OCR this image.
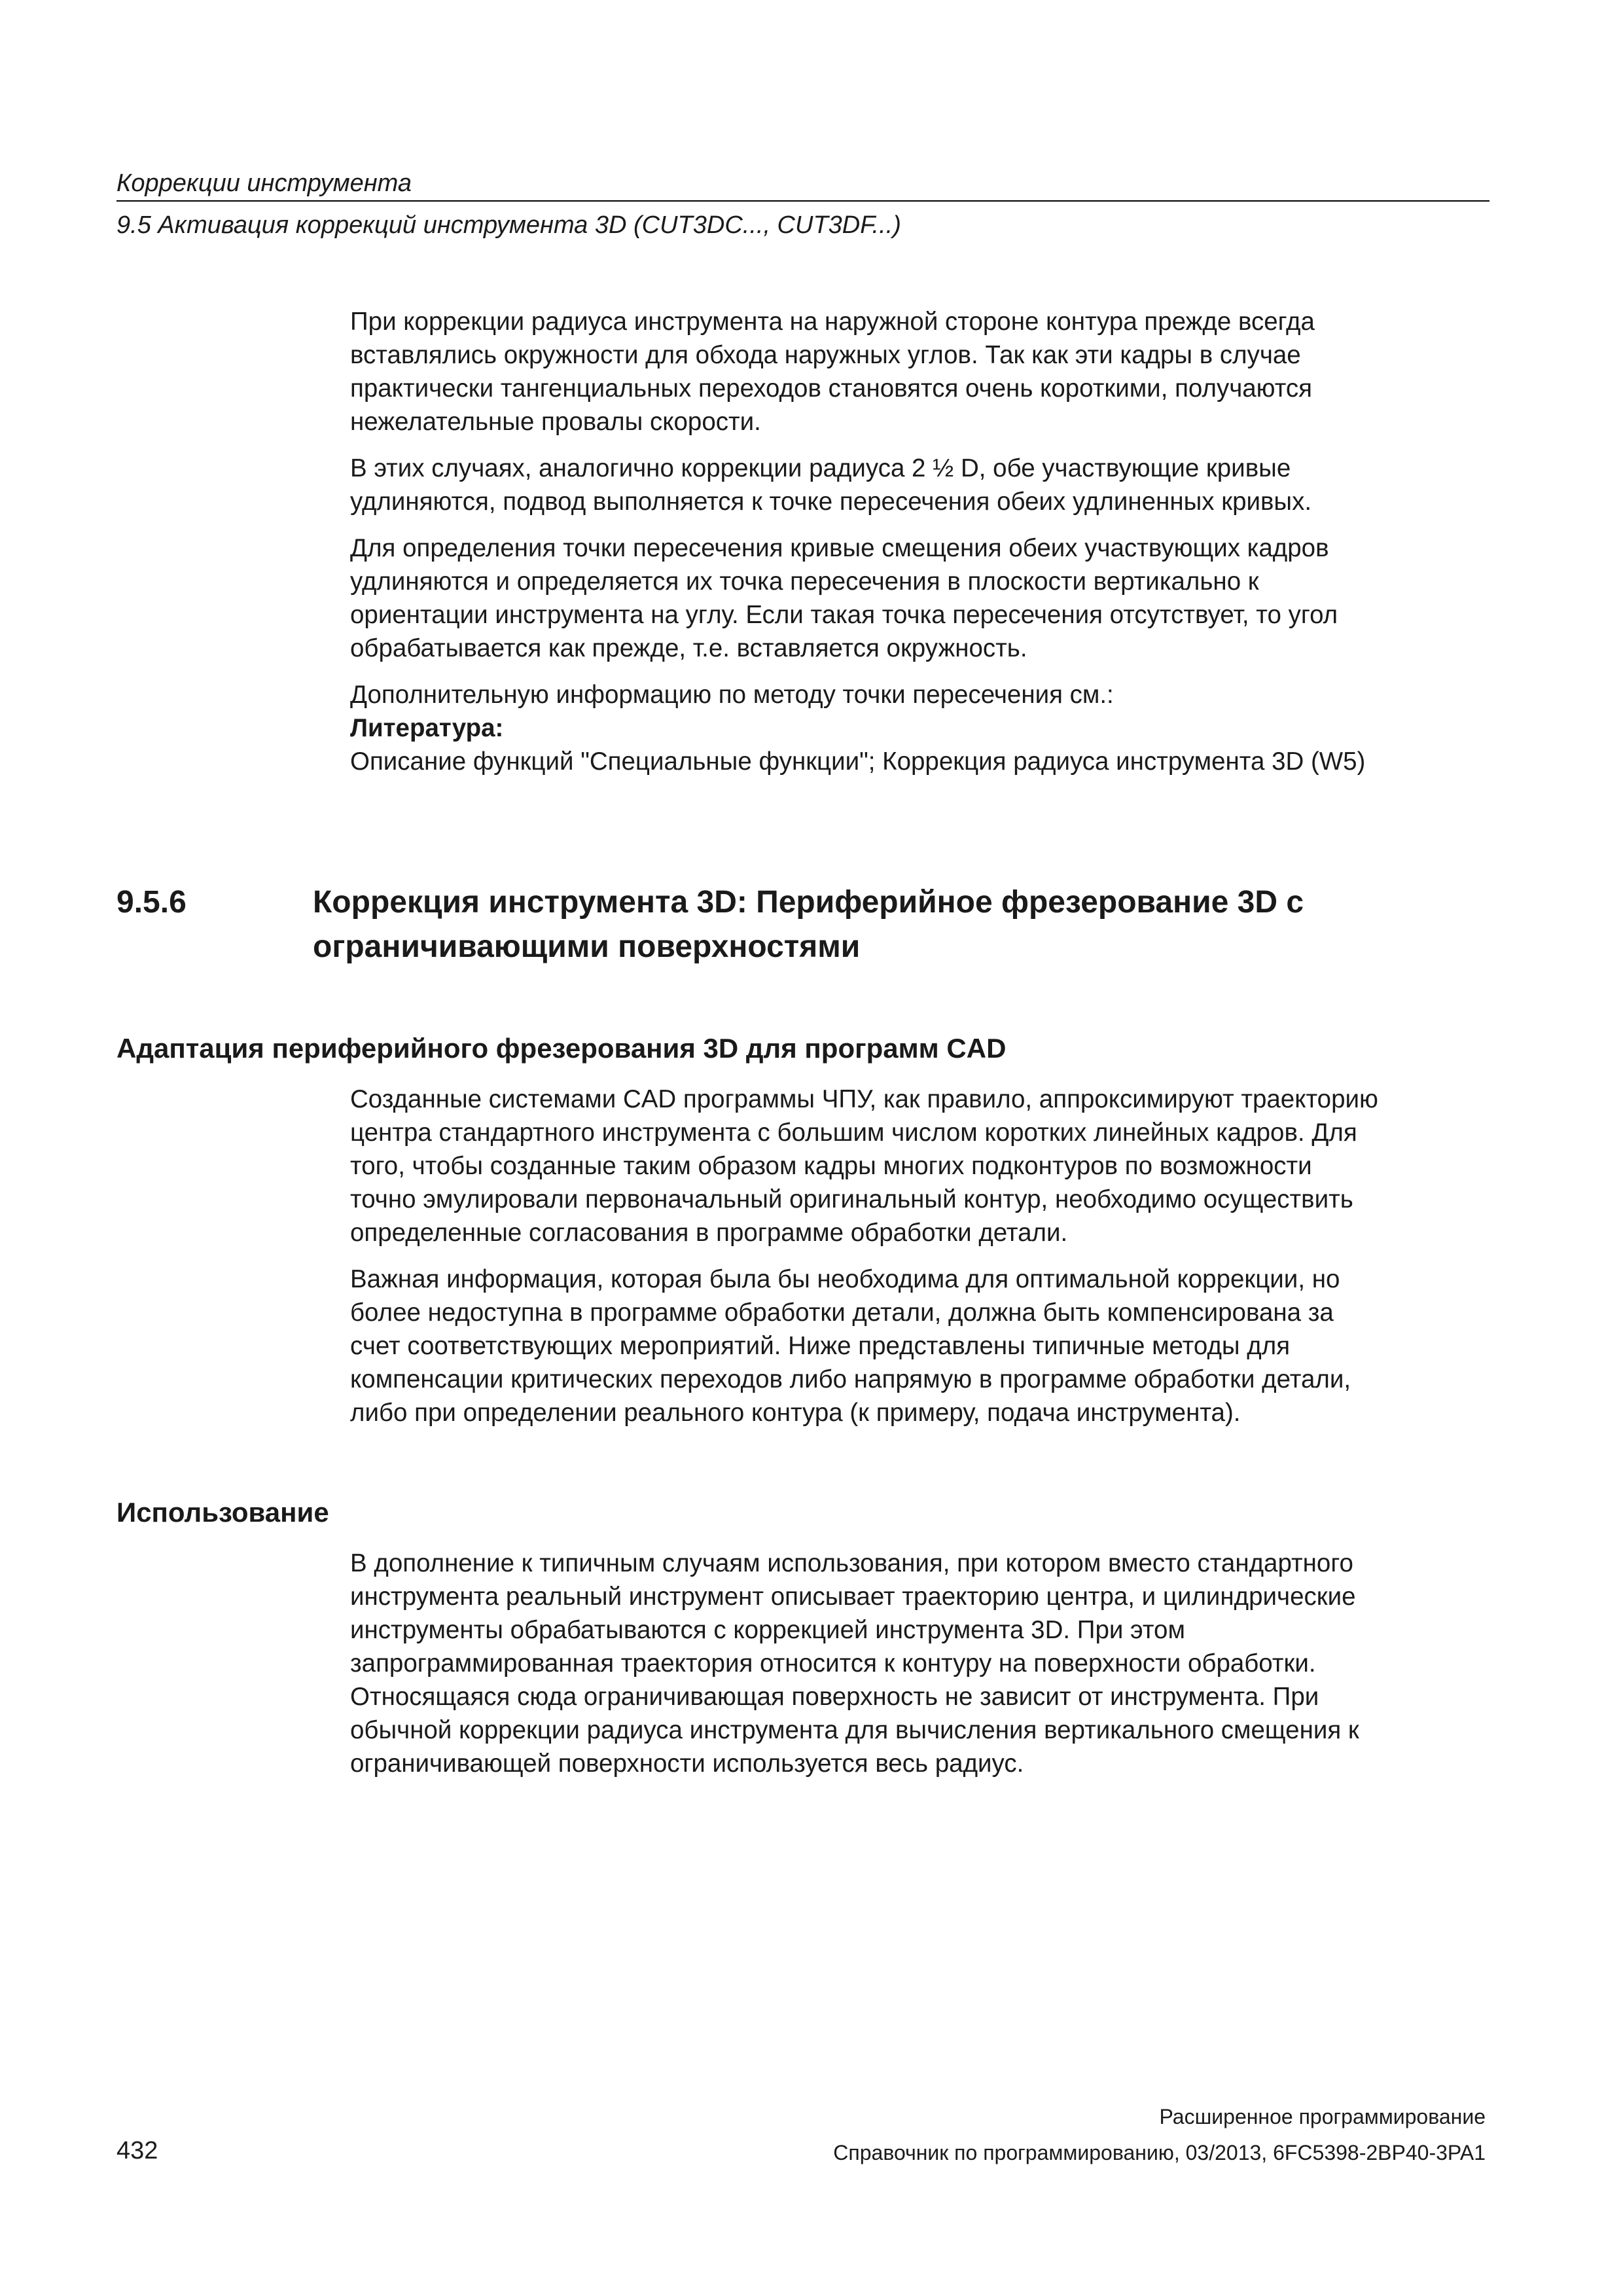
Коррекции инструмента
9.5 Активация коррекций инструмента 3D (CUT3DC..., CUT3DF...)

При коррекции радиуса инструмента на наружной стороне контура прежде всегда
вставлялись окружности для обхода наружных углов. Так как эти кадры в случае
практически тангенциальных переходов становятся очень короткими, получаются
нежелательные провалы скорости.

В этих случаях, аналогично коррекции радиуса 2 ½ D, обе участвующие кривые
удлиняются, подвод выполняется к точке пересечения обеих удлиненных кривых.

Для определения точки пересечения кривые смещения обеих участвующих кадров
удлиняются и определяется их точка пересечения в плоскости вертикально к
ориентации инструмента на углу. Если такая точка пересечения отсутствует, то угол
обрабатывается как прежде, т.е. вставляется окружность.

Дополнительную информацию по методу точки пересечения см.:

Литература:

Описание функций "Специальные функции"; Коррекция радиуса инструмента 3D (W5)

9.5.6	Коррекция инструмента 3D: Периферийное фрезерование 3D с
ограничивающими поверхностями
Адаптация периферийного фрезерования 3D для программ CAD

Созданные системами CAD программы ЧПУ, как правило, аппроксимируют траекторию
центра стандартного инструмента с большим числом коротких линейных кадров. Для
того, чтобы созданные таким образом кадры многих подконтуров по возможности
точно эмулировали первоначальный оригинальный контур, необходимо осуществить
определенные согласования в программе обработки детали.

Важная информация, которая была бы необходима для оптимальной коррекции, но
более недоступна в программе обработки детали, должна быть компенсирована за
счет соответствующих мероприятий. Ниже представлены типичные методы для
компенсации критических переходов либо напрямую в программе обработки детали,
либо при определении реального контура (к примеру, подача инструмента).

Использование

В дополнение к типичным случаям использования, при котором вместо стандартного
инструмента реальный инструмент описывает траекторию центра, и цилиндрические
инструменты обрабатываются с коррекцией инструмента 3D. При этом
запрограммированная траектория относится к контуру на поверхности обработки.
Относящаяся сюда ограничивающая поверхность не зависит от инструмента. При
обычной коррекции радиуса инструмента для вычисления вертикального смещения к
ограничивающей поверхности используется весь радиус.

Расширенное программирование
432	Справочник по программированию, 03/2013, 6FC5398-2BP40-3PA1
